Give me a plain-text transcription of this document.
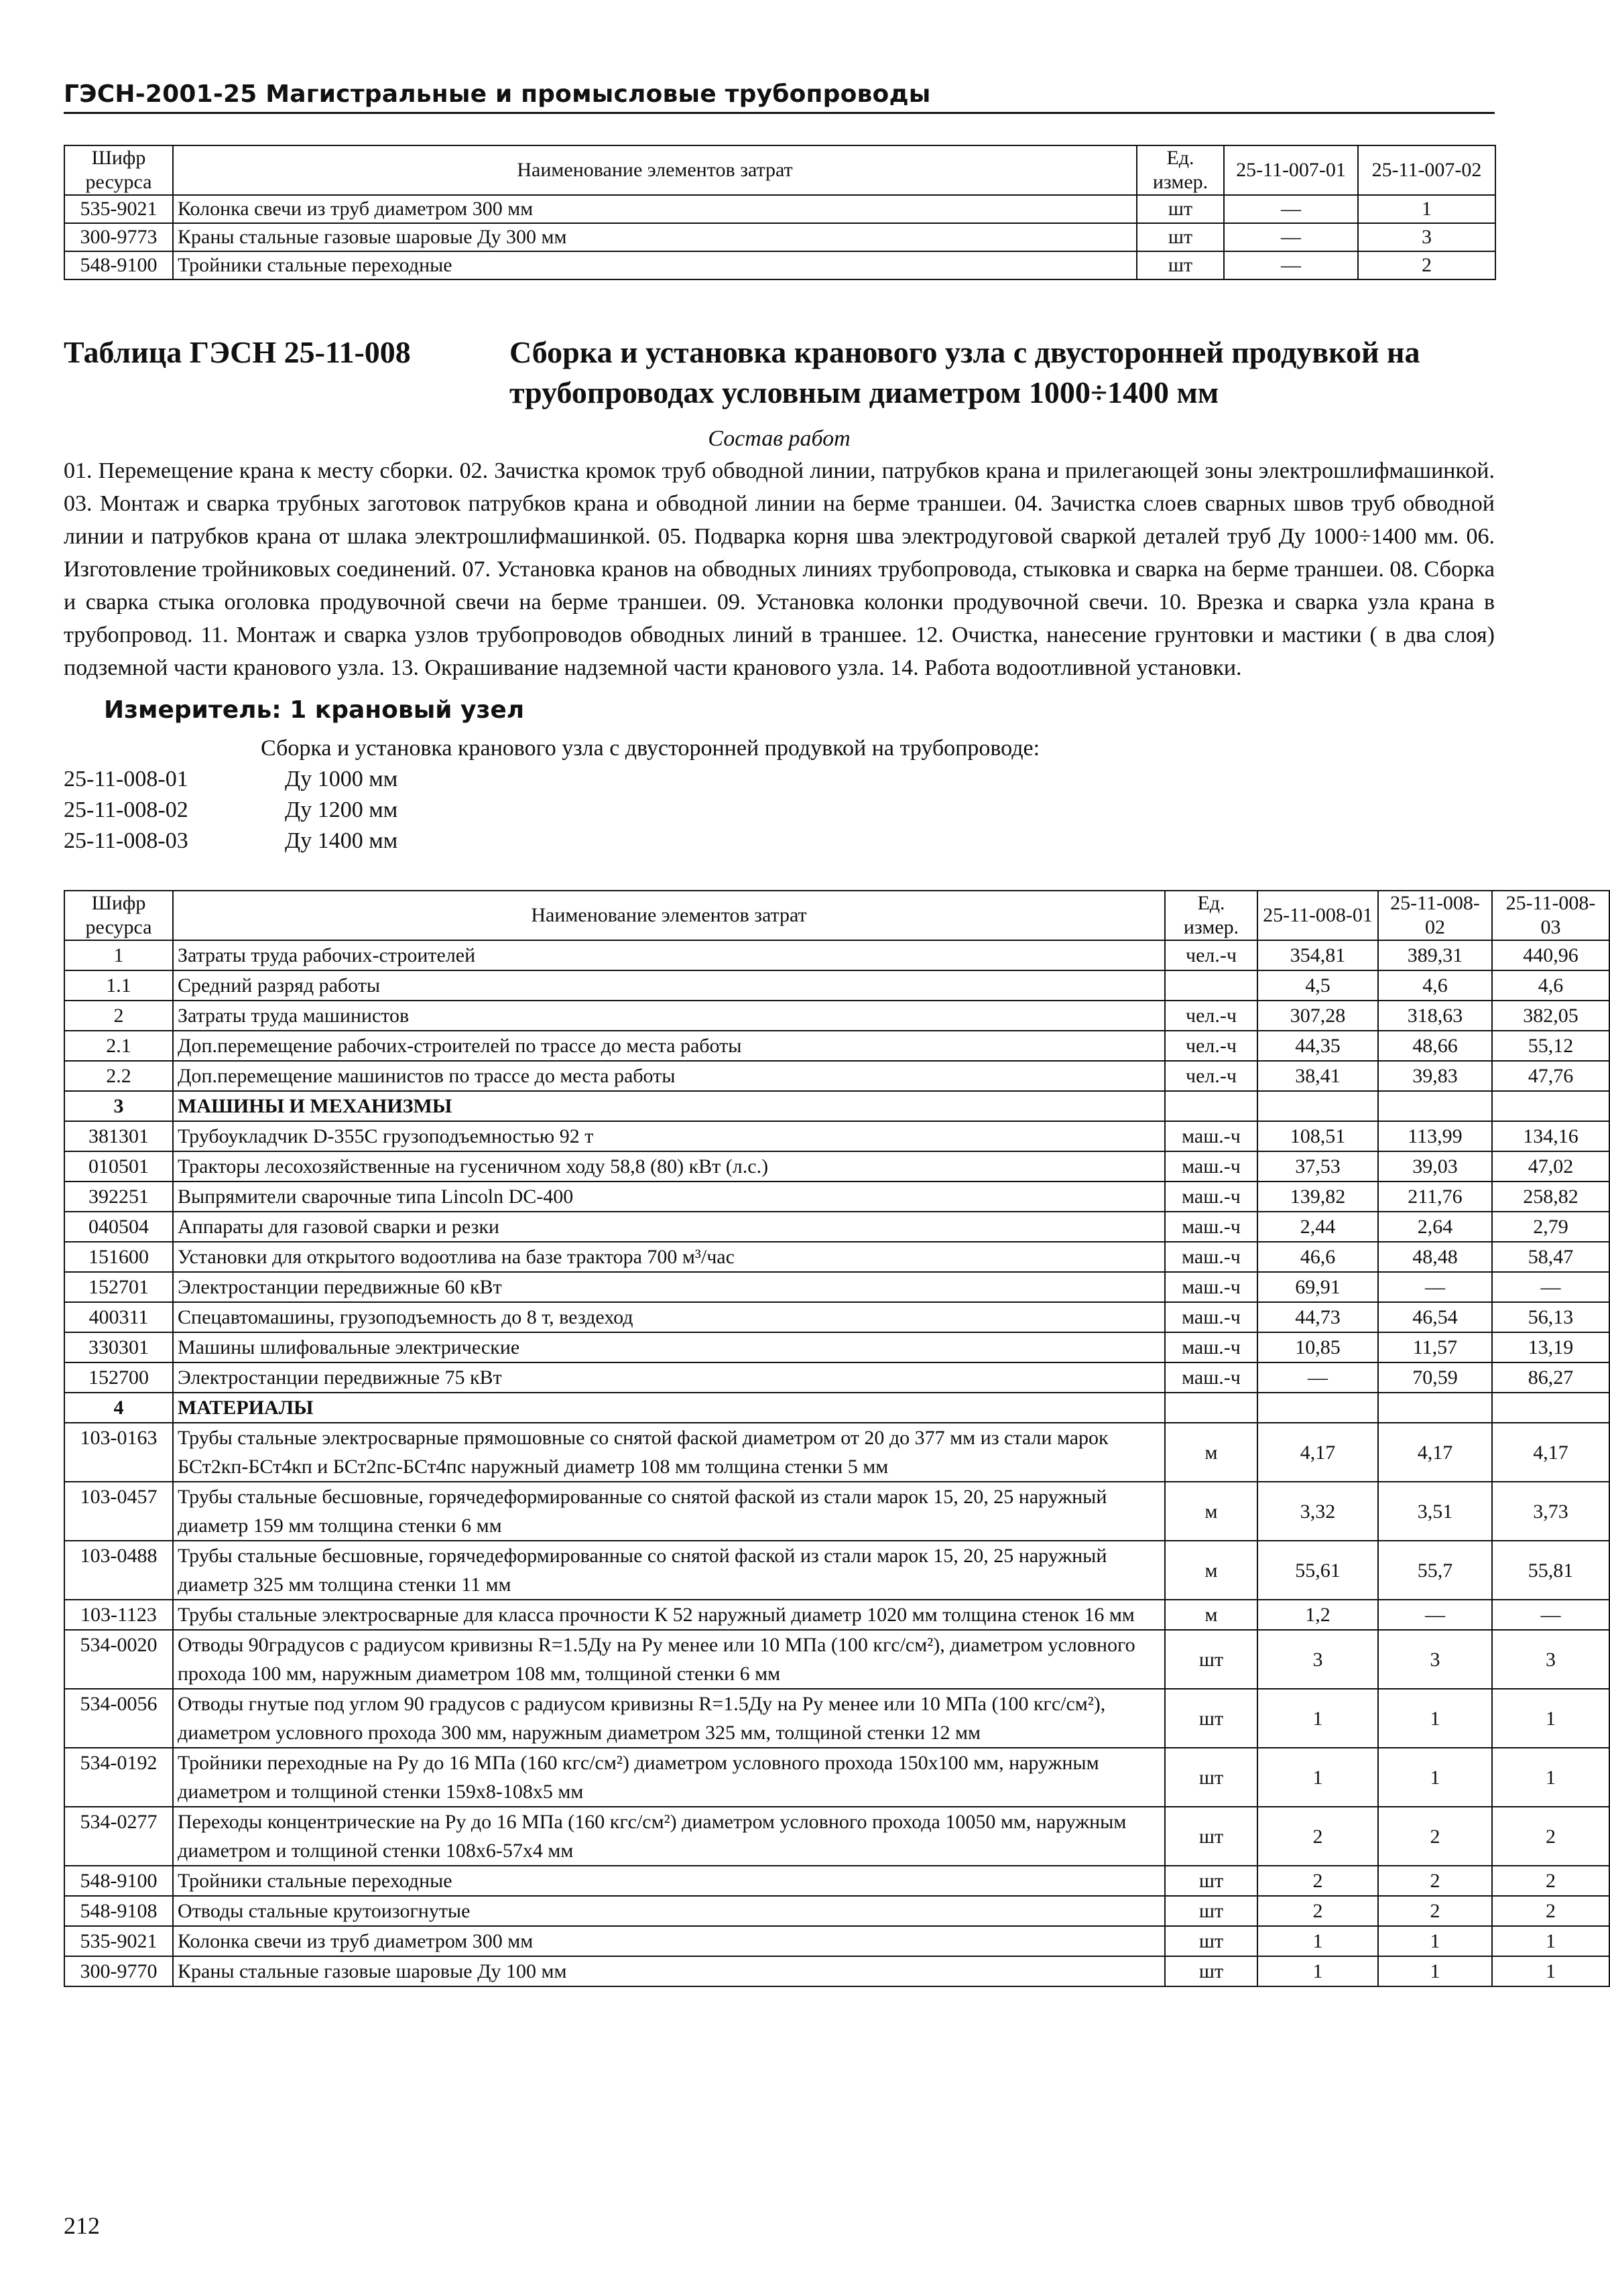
ГЭСН-2001-25 Магистральные и промысловые трубопроводы
Шифр ресурса	Наименование элементов затрат	Ед. измер.	25-11-007-01	25-11-007-02
535-9021	Колонка свечи из труб диаметром 300 мм	шт	—	1
300-9773	Краны стальные газовые шаровые Ду 300 мм	шт	—	3
548-9100	Тройники стальные переходные	шт	—	2
Таблица ГЭСН 25-11-008	Сборка и установка кранового узла с двусторонней продувкой на трубопроводах условным диаметром 1000÷1400 мм
Состав работ
01. Перемещение крана к месту сборки. 02. Зачистка кромок труб обводной линии, патрубков крана и прилегающей зоны электрошлифмашинкой. 03. Монтаж и сварка трубных заготовок патрубков крана и обводной линии на берме траншеи. 04. Зачистка слоев сварных швов труб обводной линии и патрубков крана от шлака электрошлифмашинкой. 05. Подварка корня шва электродуговой сваркой деталей труб Ду 1000÷1400 мм. 06. Изготовление тройниковых соединений. 07. Установка кранов на обводных линиях трубопровода, стыковка и сварка на берме траншеи. 08. Сборка и сварка стыка оголовка продувочной свечи на берме траншеи. 09. Установка колонки продувочной свечи. 10. Врезка и сварка узла крана в трубопровод. 11. Монтаж и сварка узлов трубопроводов обводных линий в траншее. 12. Очистка, нанесение грунтовки и мастики ( в два слоя) подземной части кранового узла. 13. Окрашивание надземной части кранового узла. 14. Работа водоотливной установки.
Измеритель: 1 крановый узел
Сборка и установка кранового узла с двусторонней продувкой на трубопроводе:
25-11-008-01	Ду 1000 мм
25-11-008-02	Ду 1200 мм
25-11-008-03	Ду 1400 мм
Шифр ресурса	Наименование элементов затрат	Ед. измер.	25-11-008-01	25-11-008-02	25-11-008-03
1	Затраты труда рабочих-строителей	чел.-ч	354,81	389,31	440,96
1.1	Средний разряд работы		4,5	4,6	4,6
2	Затраты труда машинистов	чел.-ч	307,28	318,63	382,05
2.1	Доп.перемещение рабочих-строителей по трассе до места работы	чел.-ч	44,35	48,66	55,12
2.2	Доп.перемещение машинистов по трассе до места работы	чел.-ч	38,41	39,83	47,76
3	МАШИНЫ И МЕХАНИЗМЫ				
381301	Трубоукладчик D-355C грузоподъемностью 92 т	маш.-ч	108,51	113,99	134,16
010501	Тракторы лесохозяйственные на гусеничном ходу 58,8 (80) кВт (л.с.)	маш.-ч	37,53	39,03	47,02
392251	Выпрямители сварочные типа Lincoln DC-400	маш.-ч	139,82	211,76	258,82
040504	Аппараты для газовой сварки и резки	маш.-ч	2,44	2,64	2,79
151600	Установки для открытого водоотлива на базе трактора 700 м³/час	маш.-ч	46,6	48,48	58,47
152701	Электростанции передвижные 60 кВт	маш.-ч	69,91	—	—
400311	Спецавтомашины, грузоподъемность до 8 т, вездеход	маш.-ч	44,73	46,54	56,13
330301	Машины шлифовальные электрические	маш.-ч	10,85	11,57	13,19
152700	Электростанции передвижные 75 кВт	маш.-ч	—	70,59	86,27
4	МАТЕРИАЛЫ				
103-0163	Трубы стальные электросварные прямошовные со снятой фаской диаметром от 20 до 377 мм из стали марок БСт2кп-БСт4кп и БСт2пс-БСт4пс наружный диаметр 108 мм толщина стенки 5 мм	м	4,17	4,17	4,17
103-0457	Трубы стальные бесшовные, горячедеформированные со снятой фаской из стали марок 15, 20, 25 наружный диаметр 159 мм толщина стенки 6 мм	м	3,32	3,51	3,73
103-0488	Трубы стальные бесшовные, горячедеформированные со снятой фаской из стали марок 15, 20, 25 наружный диаметр 325 мм толщина стенки 11 мм	м	55,61	55,7	55,81
103-1123	Трубы стальные электросварные для класса прочности К 52 наружный диаметр 1020 мм толщина стенок 16 мм	м	1,2	—	—
534-0020	Отводы 90градусов с радиусом кривизны R=1.5Ду на Ру менее или 10 МПа (100 кгс/см²), диаметром условного прохода 100 мм, наружным диаметром 108 мм, толщиной стенки 6 мм	шт	3	3	3
534-0056	Отводы гнутые под углом 90 градусов с радиусом кривизны R=1.5Ду на Ру менее или 10 МПа (100 кгс/см²), диаметром условного прохода 300 мм, наружным диаметром 325 мм, толщиной стенки 12 мм	шт	1	1	1
534-0192	Тройники переходные на Ру до 16 МПа (160 кгс/см²) диаметром условного прохода 150х100 мм, наружным диаметром и толщиной стенки 159х8-108х5 мм	шт	1	1	1
534-0277	Переходы концентрические на Ру до 16 МПа (160 кгс/см²) диаметром условного прохода 10050 мм, наружным диаметром и толщиной стенки 108х6-57х4 мм	шт	2	2	2
548-9100	Тройники стальные переходные	шт	2	2	2
548-9108	Отводы стальные крутоизогнутые	шт	2	2	2
535-9021	Колонка свечи из труб диаметром 300 мм	шт	1	1	1
300-9770	Краны стальные газовые шаровые Ду 100 мм	шт	1	1	1
212
